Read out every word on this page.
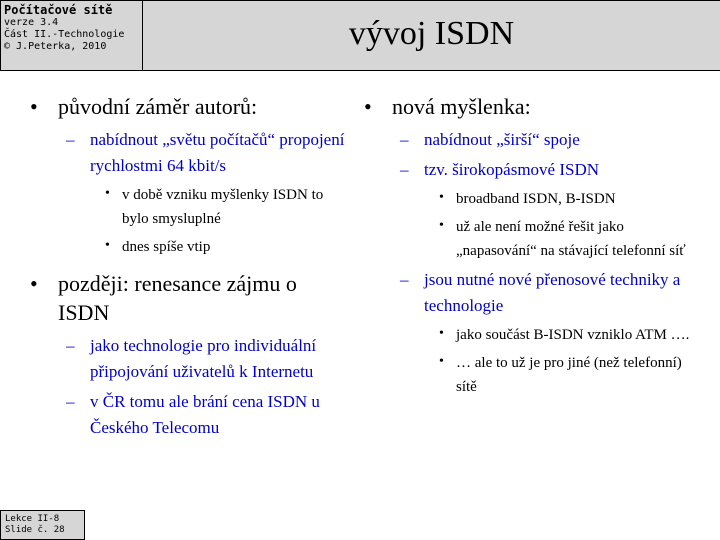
Počítačové sítě
verze 3.4
Část II.-Technologie
© J.Peterka, 2010	vývoj ISDN
• původní záměr autorů:
– nabídnout „světu počítačů“ propojení rychlostmi 64 kbit/s
• v době vzniku myšlenky ISDN to bylo smysluplné
• dnes spíše vtip
• později: renesance zájmu o ISDN
– jako technologie pro individuální připojování uživatelů k Internetu
– v ČR tomu ale brání cena ISDN u Českého Telecomu
• nová myšlenka:
– nabídnout „širší“ spoje
– tzv. širokopásmové ISDN
• broadband ISDN, B-ISDN
• už ale není možné řešit jako „napasování“ na stávající telefonní síť
– jsou nutné nové přenosové techniky a technologie
• jako součást B-ISDN vzniklo ATM ….
• … ale to už je pro jiné (než telefonní) sítě
Lekce II-8
Slide č. 28
